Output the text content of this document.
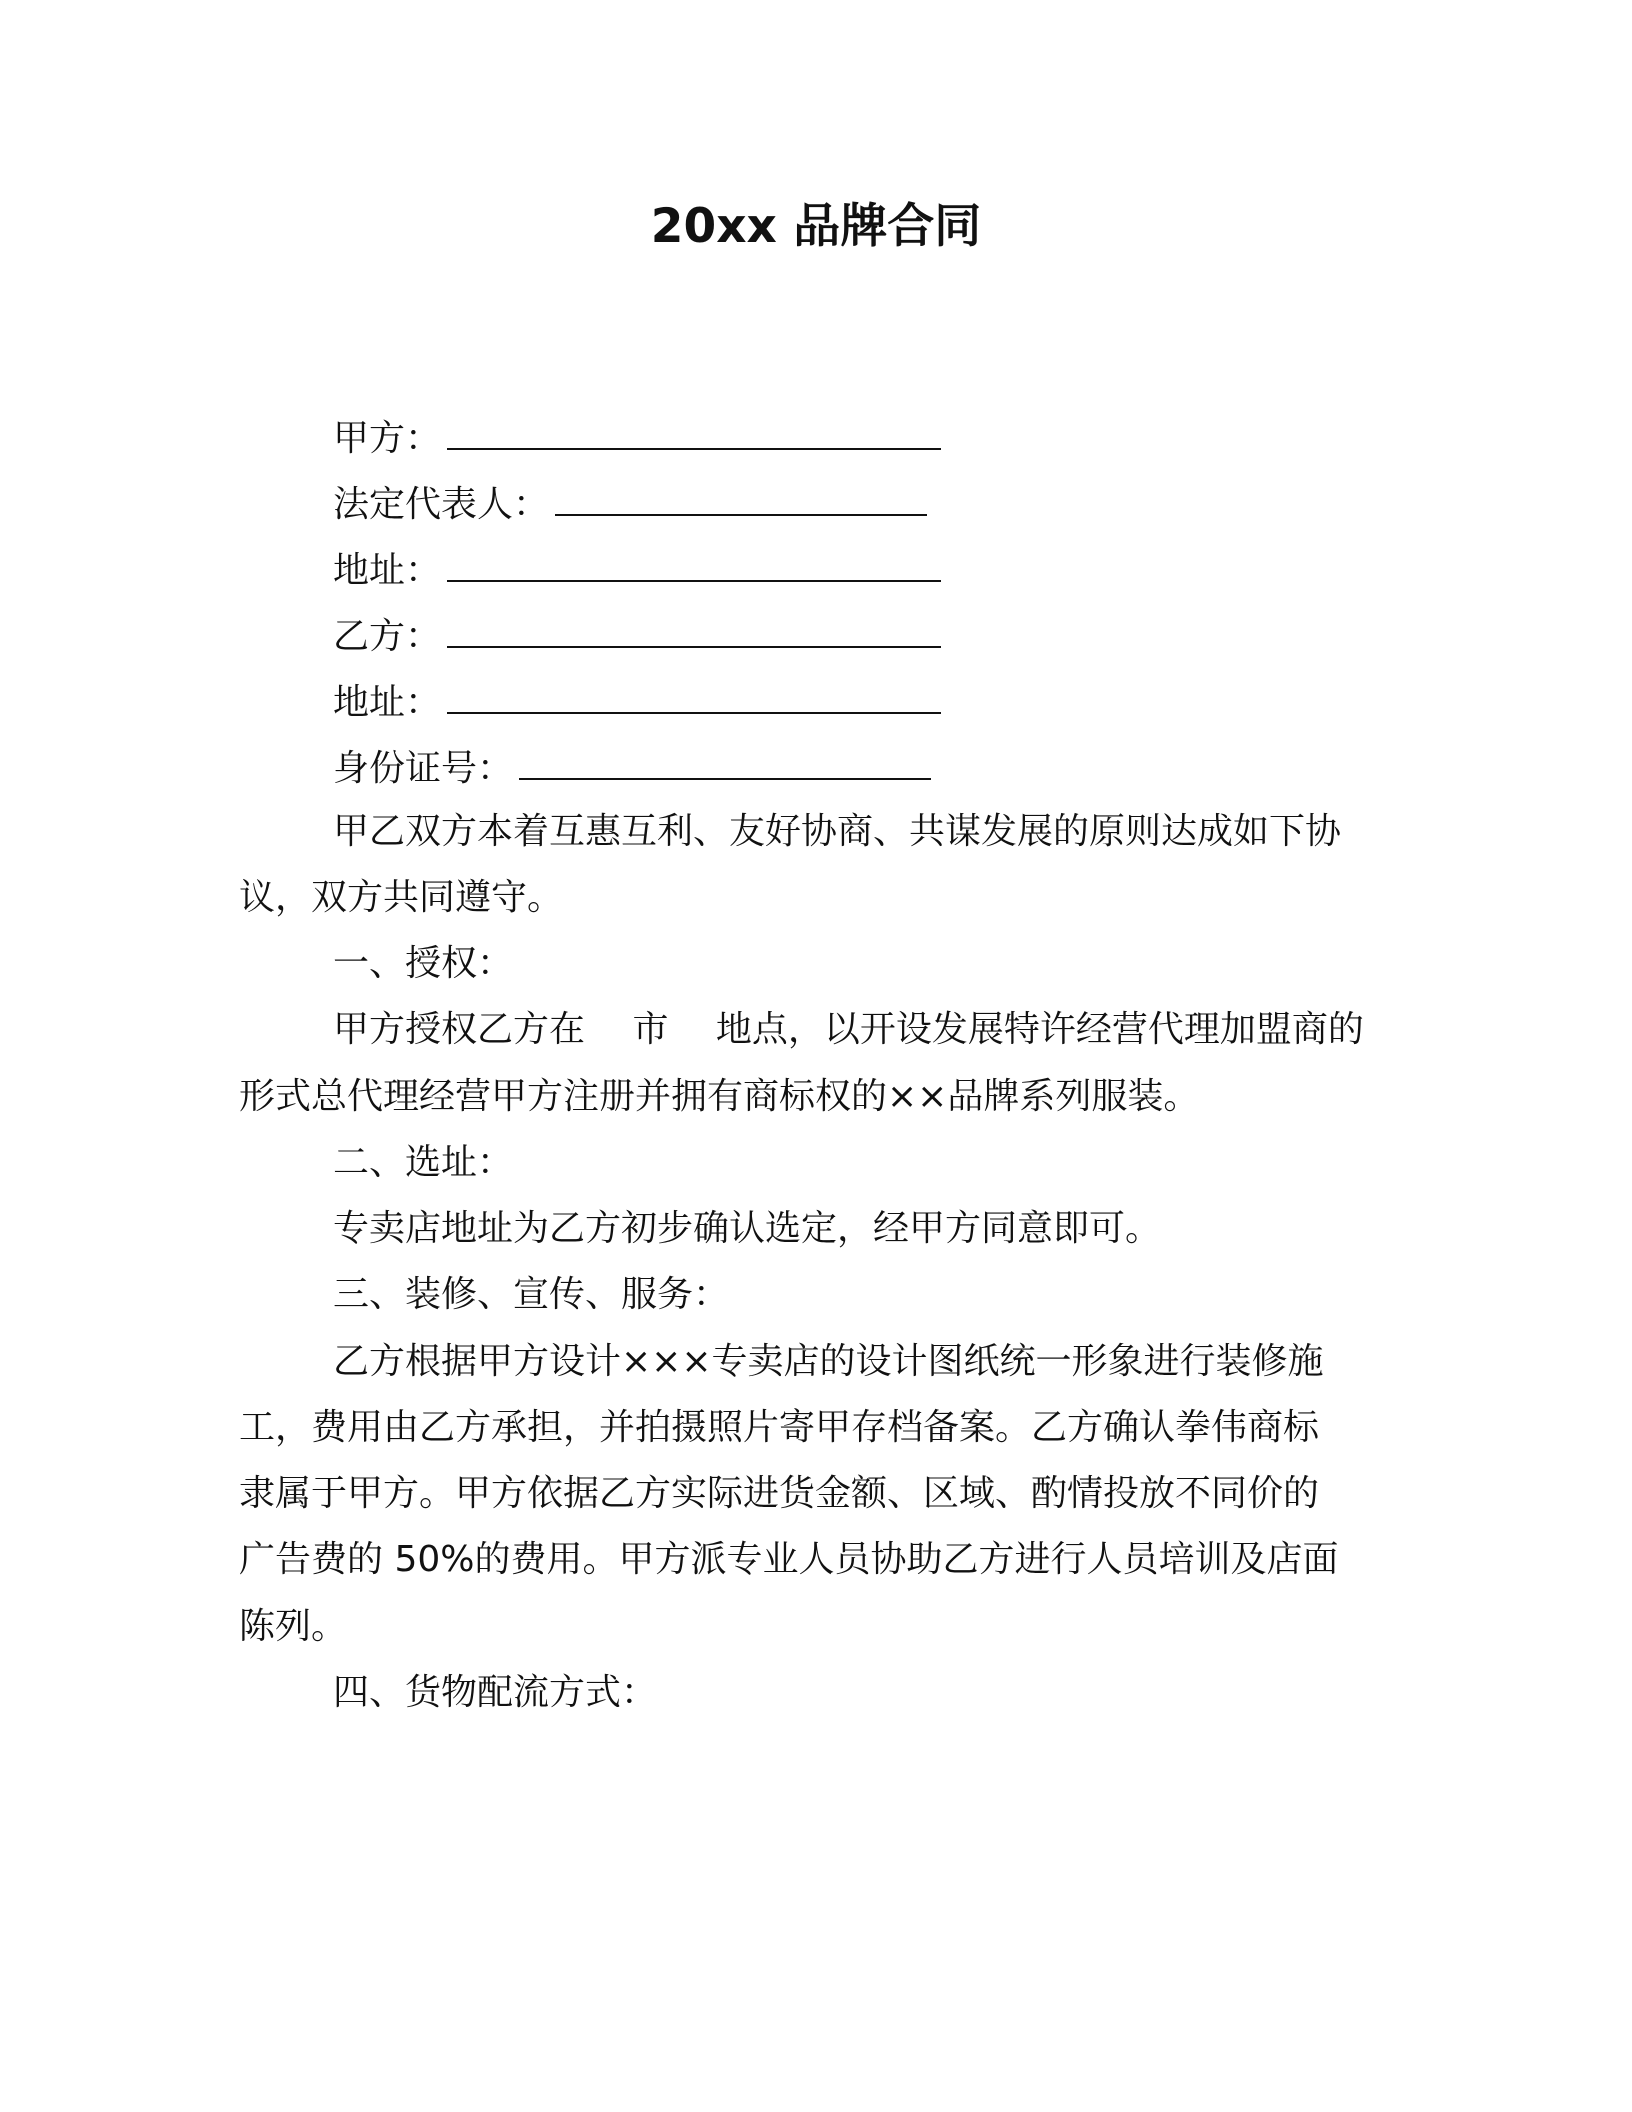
20xx 品牌合同
甲方：
法定代表人：
地址：
乙方：
地址：
身份证号：
甲乙双方本着互惠互利、友好协商、共谋发展的原则达成如下协
议，双方共同遵守。
一、授权：
甲方授权乙方在　 市　 地点，以开设发展特许经营代理加盟商的
形式总代理经营甲方注册并拥有商标权的××品牌系列服装。
二、选址：
专卖店地址为乙方初步确认选定，经甲方同意即可。
三、装修、宣传、服务：
乙方根据甲方设计×××专卖店的设计图纸统一形象进行装修施
工，费用由乙方承担，并拍摄照片寄甲存档备案。乙方确认拳伟商标
隶属于甲方。甲方依据乙方实际进货金额、区域、酌情投放不同价的
广告费的 50%的费用。甲方派专业人员协助乙方进行人员培训及店面
陈列。
四、货物配流方式：
